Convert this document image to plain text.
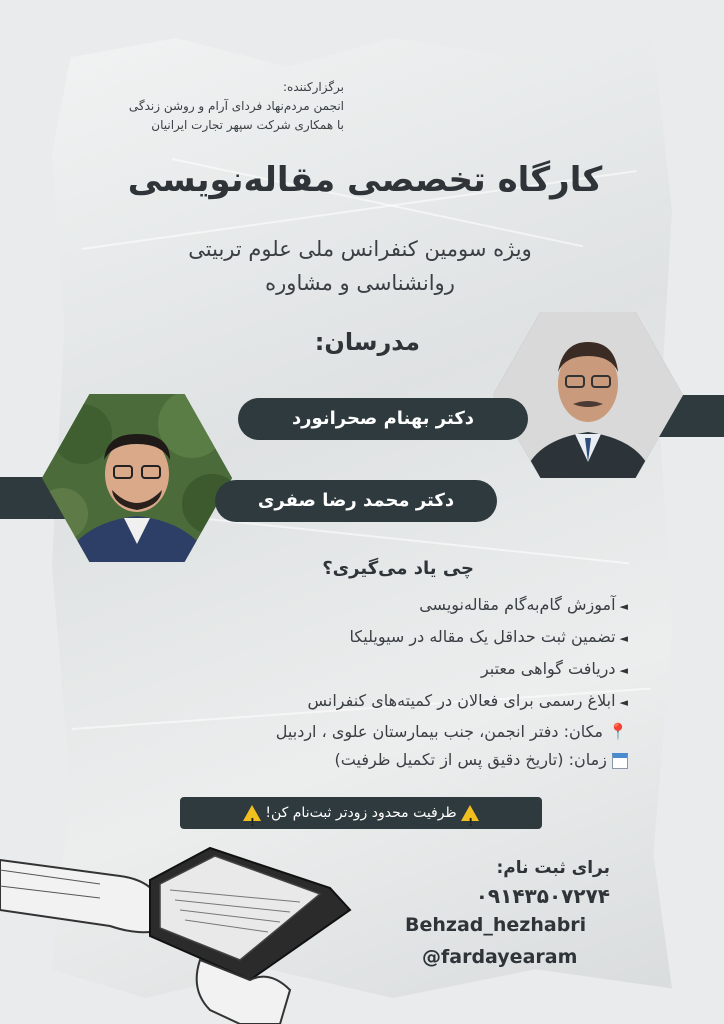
برگزارکننده:
انجمن مردم‌نهاد فردای آرام و روشن زندگی
با همکاری شرکت سپهر تجارت ایرانیان
کارگاه تخصصی مقاله‌نویسی
ویژه سومین کنفرانس ملی علوم تربیتی
روانشناسی و مشاوره
مدرسان:
دکتر بهنام صحرانورد
دکتر محمد رضا صفری
چی یاد می‌گیری؟
◄آموزش گام‌به‌گام مقاله‌نویسی
◄تضمین ثبت حداقل یک مقاله در سیویلیکا
◄دریافت گواهی معتبر
◄ابلاغ رسمی برای فعالان در کمیته‌های کنفرانس
📍 مکان: دفتر انجمن، جنب بیمارستان علوی ، اردبیل
زمان: (تاریخ دقیق پس از تکمیل ظرفیت)
! ظرفیت محدود زودتر ثبت‌نام کن! !
برای ثبت نام:
۰۹۱۴۳۵۰۷۲۷۴
Behzad_hezhabri
@fardayearam
